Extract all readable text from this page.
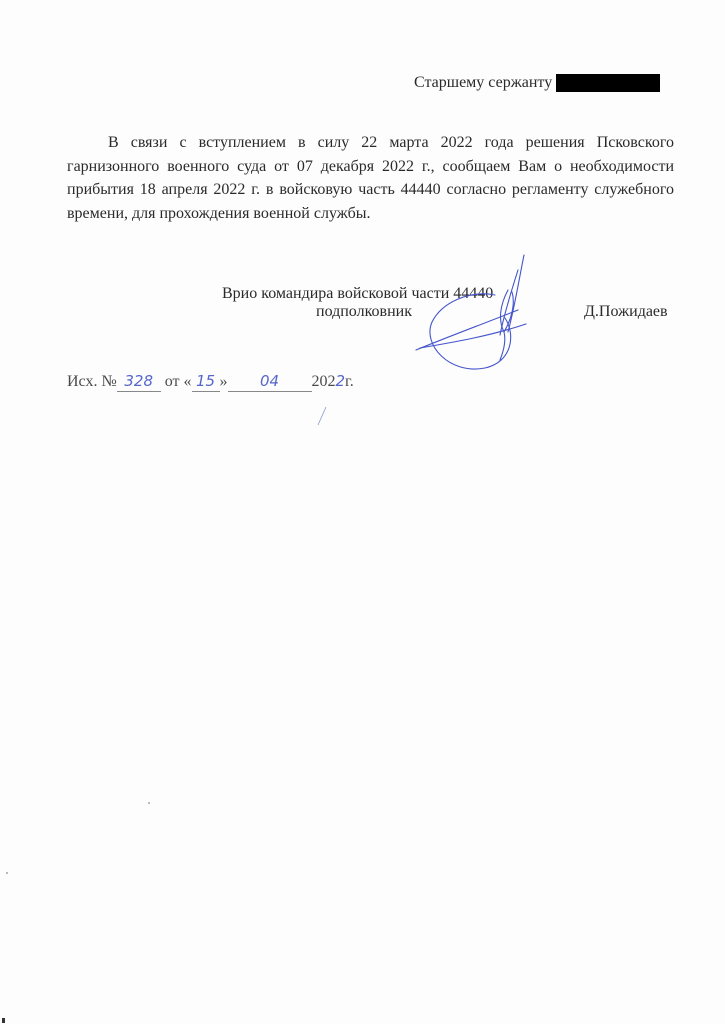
Старшему сержанту

В связи с вступлением в силу 22 марта 2022 года решения Псковского гарнизонного военного суда от 07 декабря 2022 г., сообщаем Вам о необходимости прибытия 18 апреля 2022 г. в войсковую часть 44440 согласно регламенту служебного времени, для прохождения военной службы.

Врио командира войсковой части 44440
подполковник	Д.Пожидаев
Исх. № 328 от « 15 » 04 2022г.
